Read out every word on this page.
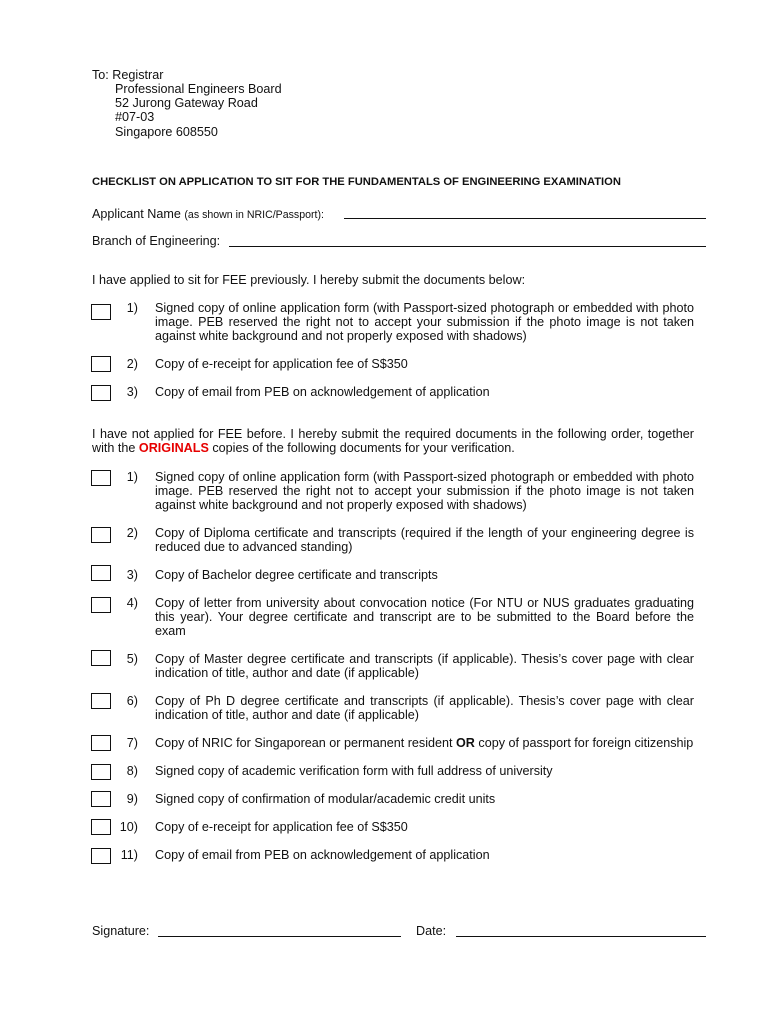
To: Registrar
Professional Engineers Board
52 Jurong Gateway Road
#07-03
Singapore 608550
CHECKLIST ON APPLICATION TO SIT FOR THE FUNDAMENTALS OF ENGINEERING EXAMINATION
Applicant Name (as shown in NRIC/Passport):
Branch of Engineering:
I have applied to sit for FEE previously. I hereby submit the documents below:
1) Signed copy of online application form (with Passport-sized photograph or embedded with photo image. PEB reserved the right not to accept your submission if the photo image is not taken against white background and not properly exposed with shadows)
2) Copy of e-receipt for application fee of S$350
3) Copy of email from PEB on acknowledgement of application
I have not applied for FEE before. I hereby submit the required documents in the following order, together with the ORIGINALS copies of the following documents for your verification.
1) Signed copy of online application form (with Passport-sized photograph or embedded with photo image. PEB reserved the right not to accept your submission if the photo image is not taken against white background and not properly exposed with shadows)
2) Copy of Diploma certificate and transcripts (required if the length of your engineering degree is reduced due to advanced standing)
3) Copy of Bachelor degree certificate and transcripts
4) Copy of letter from university about convocation notice (For NTU or NUS graduates graduating this year). Your degree certificate and transcript are to be submitted to the Board before the exam
5) Copy of Master degree certificate and transcripts (if applicable). Thesis’s cover page with clear indication of title, author and date (if applicable)
6) Copy of Ph D degree certificate and transcripts (if applicable). Thesis’s cover page with clear indication of title, author and date (if applicable)
7) Copy of NRIC for Singaporean or permanent resident OR copy of passport for foreign citizenship
8) Signed copy of academic verification form with full address of university
9) Signed copy of confirmation of modular/academic credit units
10) Copy of e-receipt for application fee of S$350
11) Copy of email from PEB on acknowledgement of application
Signature:	Date:
